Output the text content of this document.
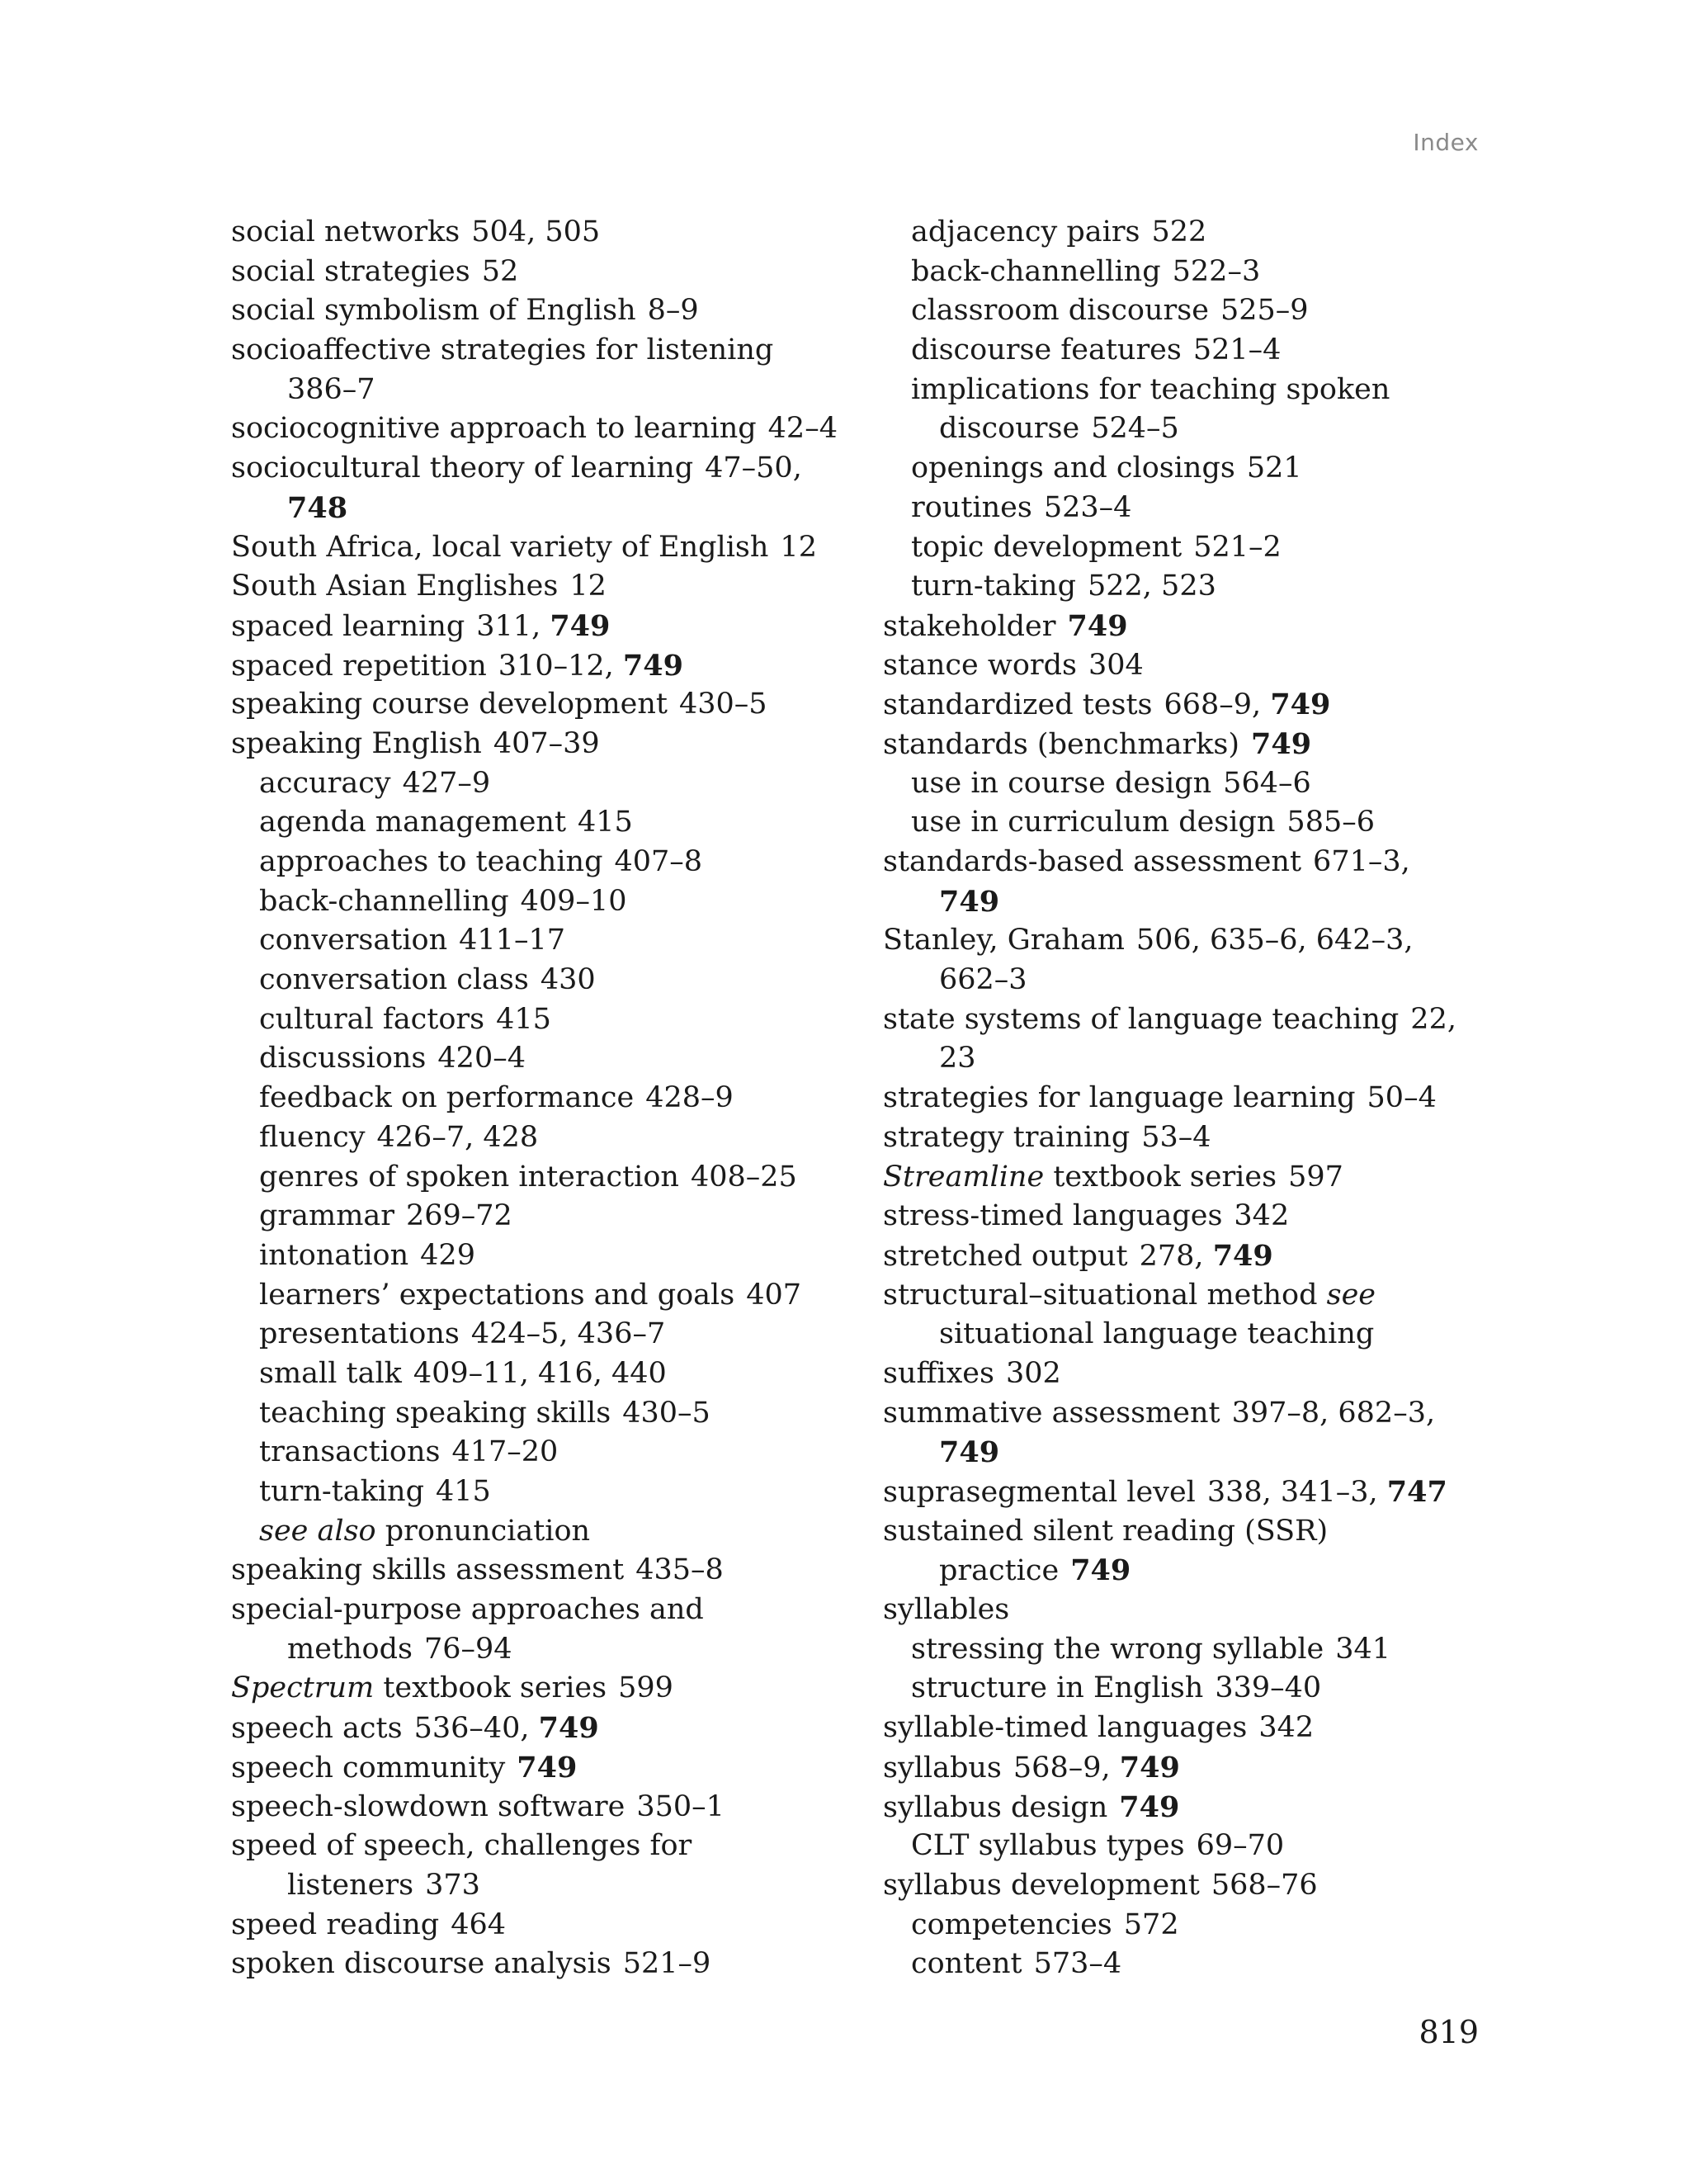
Index
social networks 504, 505
social strategies 52
social symbolism of English 8–9
socioaffective strategies for listening
386–7
sociocognitive approach to learning 42–4
sociocultural theory of learning 47–50,
748
South Africa, local variety of English 12
South Asian Englishes 12
spaced learning 311, 749
spaced repetition 310–12, 749
speaking course development 430–5
speaking English 407–39
accuracy 427–9
agenda management 415
approaches to teaching 407–8
back-channelling 409–10
conversation 411–17
conversation class 430
cultural factors 415
discussions 420–4
feedback on performance 428–9
fluency 426–7, 428
genres of spoken interaction 408–25
grammar 269–72
intonation 429
learners’ expectations and goals 407
presentations 424–5, 436–7
small talk 409–11, 416, 440
teaching speaking skills 430–5
transactions 417–20
turn-taking 415
see also pronunciation
speaking skills assessment 435–8
special-purpose approaches and
methods 76–94
Spectrum textbook series 599
speech acts 536–40, 749
speech community 749
speech-slowdown software 350–1
speed of speech, challenges for
listeners 373
speed reading 464
spoken discourse analysis 521–9
adjacency pairs 522
back-channelling 522–3
classroom discourse 525–9
discourse features 521–4
implications for teaching spoken
discourse 524–5
openings and closings 521
routines 523–4
topic development 521–2
turn-taking 522, 523
stakeholder 749
stance words 304
standardized tests 668–9, 749
standards (benchmarks) 749
use in course design 564–6
use in curriculum design 585–6
standards-based assessment 671–3,
749
Stanley, Graham 506, 635–6, 642–3,
662–3
state systems of language teaching 22,
23
strategies for language learning 50–4
strategy training 53–4
Streamline textbook series 597
stress-timed languages 342
stretched output 278, 749
structural–situational method see
situational language teaching
suffixes 302
summative assessment 397–8, 682–3,
749
suprasegmental level 338, 341–3, 747
sustained silent reading (SSR)
practice 749
syllables
stressing the wrong syllable 341
structure in English 339–40
syllable-timed languages 342
syllabus 568–9, 749
syllabus design 749
CLT syllabus types 69–70
syllabus development 568–76
competencies 572
content 573–4
819
